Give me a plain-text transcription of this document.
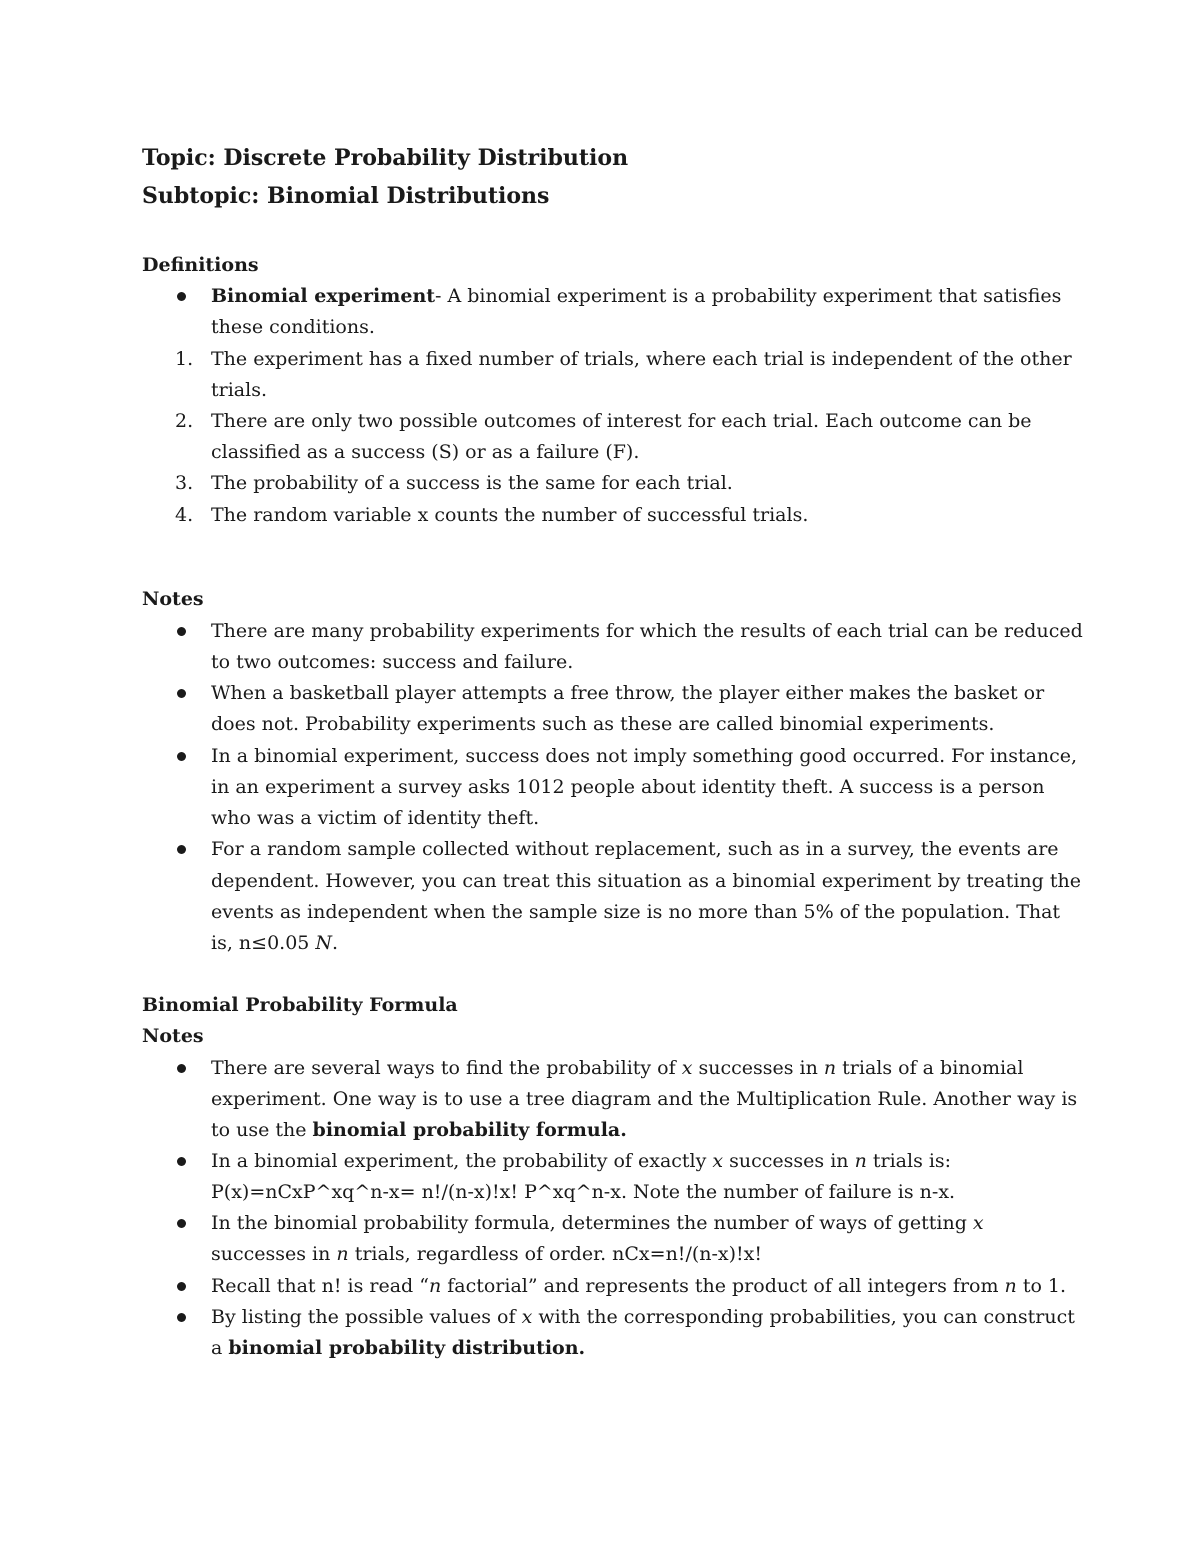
Topic: Discrete Probability Distribution
Subtopic: Binomial Distributions
Definitions
Binomial experiment- A binomial experiment is a probability experiment that satisfies
these conditions.
1. The experiment has a fixed number of trials, where each trial is independent of the other
trials.
2. There are only two possible outcomes of interest for each trial. Each outcome can be
classified as a success (S) or as a failure (F).
3. The probability of a success is the same for each trial.
4. The random variable x counts the number of successful trials.
Notes
There are many probability experiments for which the results of each trial can be reduced
to two outcomes: success and failure.
When a basketball player attempts a free throw, the player either makes the basket or
does not. Probability experiments such as these are called binomial experiments.
In a binomial experiment, success does not imply something good occurred. For instance,
in an experiment a survey asks 1012 people about identity theft. A success is a person
who was a victim of identity theft.
For a random sample collected without replacement, such as in a survey, the events are
dependent. However, you can treat this situation as a binomial experiment by treating the
events as independent when the sample size is no more than 5% of the population. That
is, n≤0.05 N.
Binomial Probability Formula
Notes
There are several ways to find the probability of x successes in n trials of a binomial
experiment. One way is to use a tree diagram and the Multiplication Rule. Another way is
to use the binomial probability formula.
In a binomial experiment, the probability of exactly x successes in n trials is:
P(x)=nCxP^xq^n-x= n!/(n-x)!x! P^xq^n-x. Note the number of failure is n-x.
In the binomial probability formula, determines the number of ways of getting x
successes in n trials, regardless of order. nCx=n!/(n-x)!x!
Recall that n! is read “n factorial” and represents the product of all integers from n to 1.
By listing the possible values of x with the corresponding probabilities, you can construct
a binomial probability distribution.
